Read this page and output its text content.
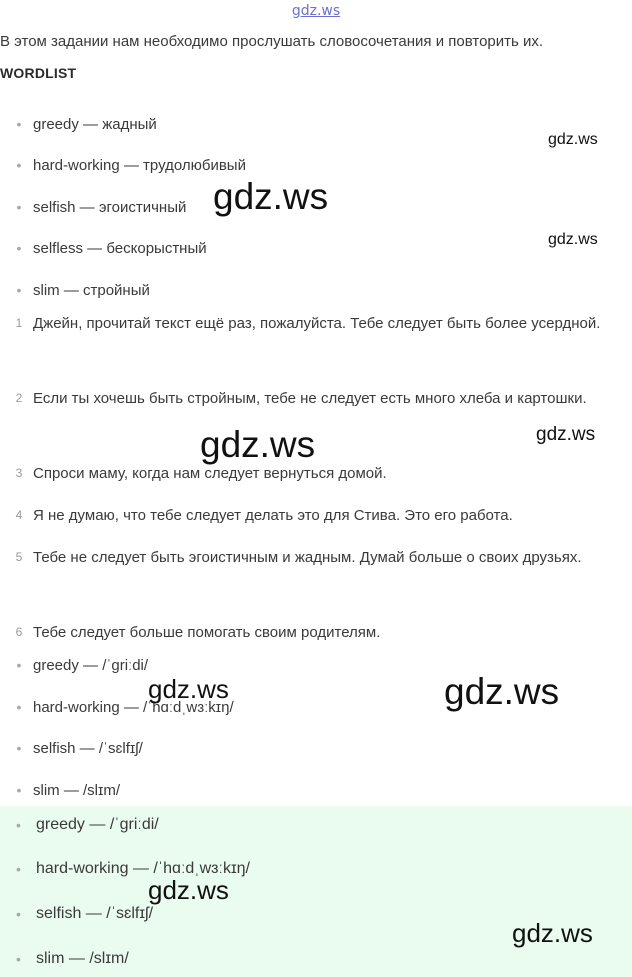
gdz.ws
В этом задании нам необходимо прослушать словосочетания и повторить их.
WORDLIST
• greedy — жадный
• hard-working — трудолюбивый
• selfish — эгоистичный
• selfless — бескорыстный
• slim — стройный
1 Джейн, прочитай текст ещё раз, пожалуйста. Тебе следует быть более усердной.
2 Если ты хочешь быть стройным, тебе не следует есть много хлеба и картошки.
3 Спроси маму, когда нам следует вернуться домой.
4 Я не думаю, что тебе следует делать это для Стива. Это его работа.
5 Тебе не следует быть эгоистичным и жадным. Думай больше о своих друзьях.
6 Тебе следует больше помогать своим родителям.
• greedy — /ˈɡriːdi/
• hard-working — /ˈhɑːdˌwɜːkɪŋ/
• selfish — /ˈsɛlfɪʃ/
• slim — /slɪm/
• greedy — /ˈɡriːdi/
• hard-working — /ˈhɑːdˌwɜːkɪŋ/
• selfish — /ˈsɛlfɪʃ/
• slim — /slɪm/
gdz.ws
gdz.ws
gdz.ws
gdz.ws	gdz.ws
gdz.ws	gdz.ws
gdz.ws
gdz.ws
